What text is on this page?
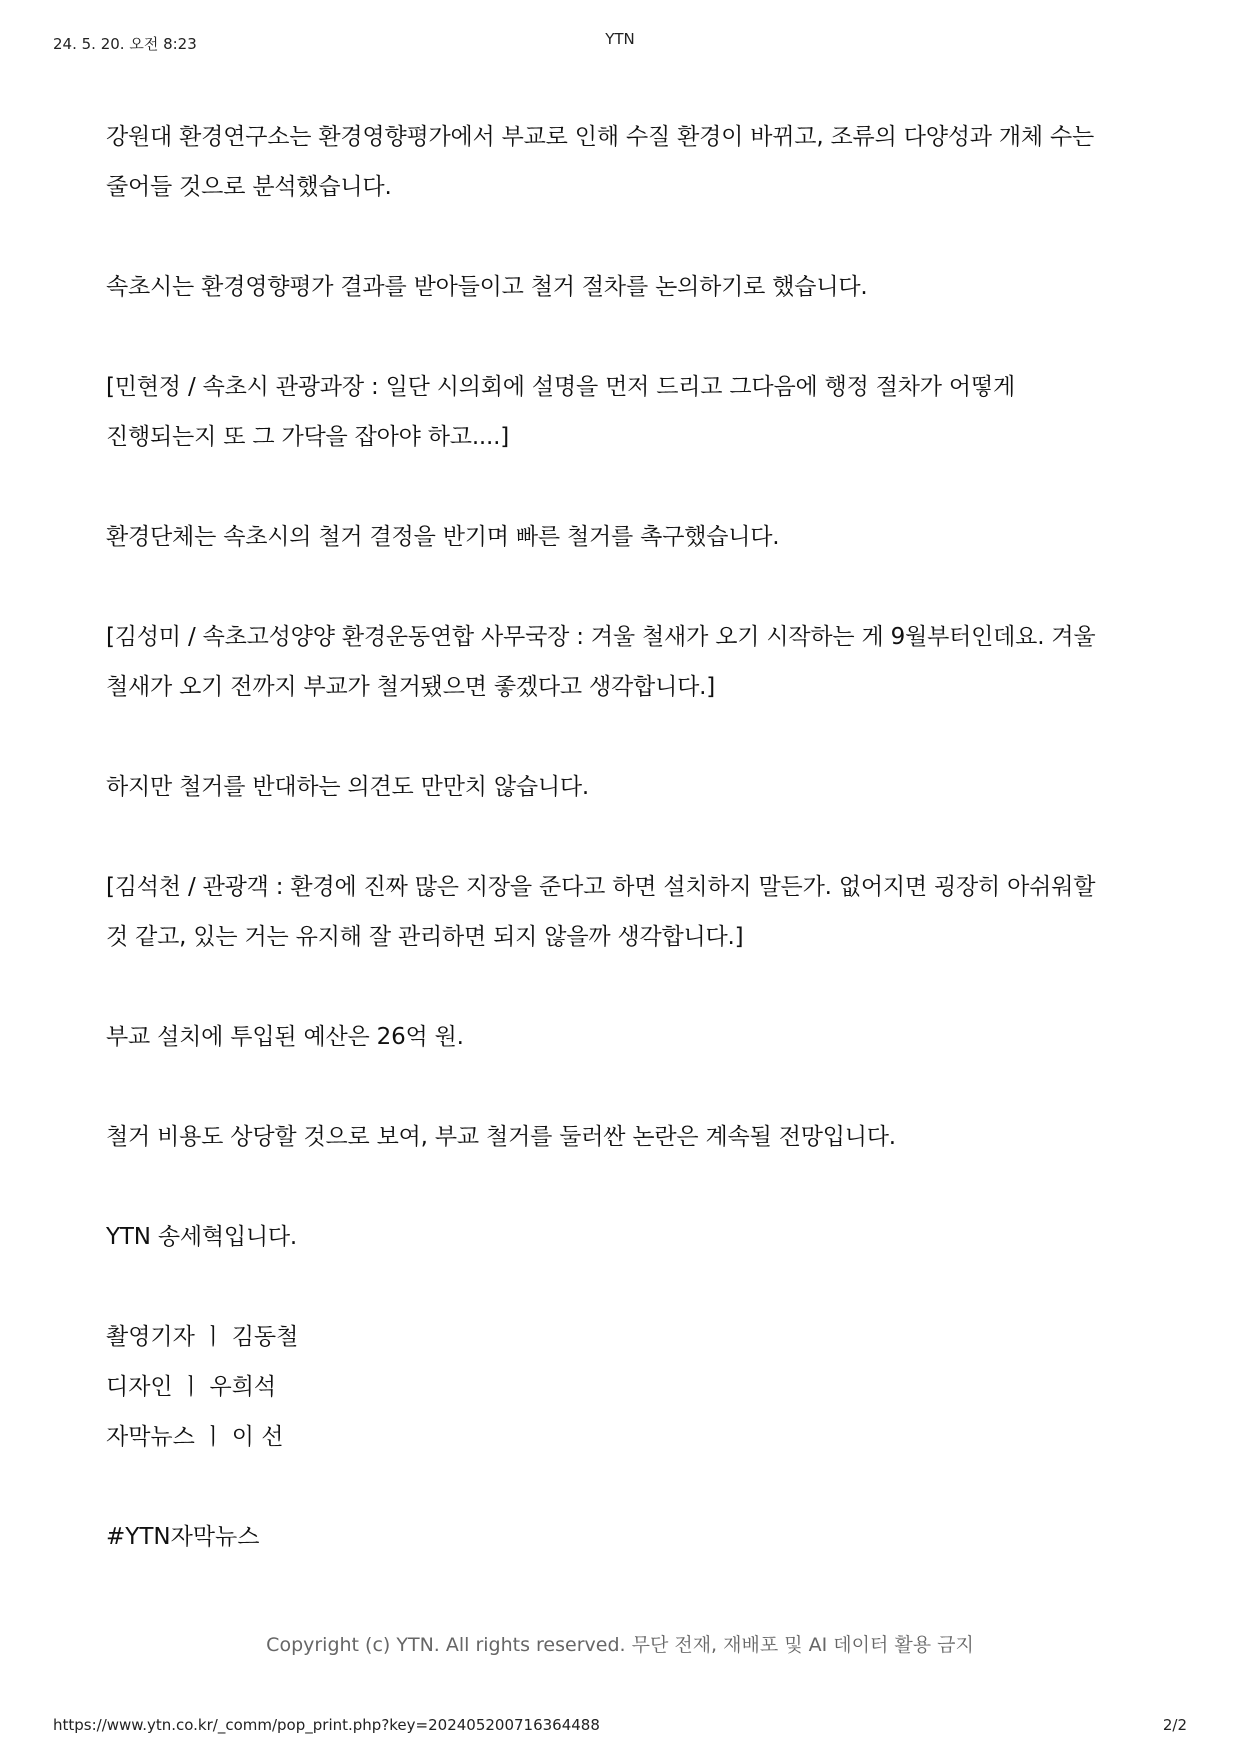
24. 5. 20. 오전 8:23	YTN

강원대 환경연구소는 환경영향평가에서 부교로 인해 수질 환경이 바뀌고, 조류의 다양성과 개체 수는 줄어들 것으로 분석했습니다.

속초시는 환경영향평가 결과를 받아들이고 철거 절차를 논의하기로 했습니다.

[민현정 / 속초시 관광과장 : 일단 시의회에 설명을 먼저 드리고 그다음에 행정 절차가 어떻게 진행되는지 또 그 가닥을 잡아야 하고....]

환경단체는 속초시의 철거 결정을 반기며 빠른 철거를 촉구했습니다.

[김성미 / 속초고성양양 환경운동연합 사무국장 : 겨울 철새가 오기 시작하는 게 9월부터인데요. 겨울 철새가 오기 전까지 부교가 철거됐으면 좋겠다고 생각합니다.]

하지만 철거를 반대하는 의견도 만만치 않습니다.

[김석천 / 관광객 : 환경에 진짜 많은 지장을 준다고 하면 설치하지 말든가. 없어지면 굉장히 아쉬워할 것 같고, 있는 거는 유지해 잘 관리하면 되지 않을까 생각합니다.]

부교 설치에 투입된 예산은 26억 원.

철거 비용도 상당할 것으로 보여, 부교 철거를 둘러싼 논란은 계속될 전망입니다.

YTN 송세혁입니다.

촬영기자 ㅣ 김동철

디자인 ㅣ 우희석

자막뉴스 ㅣ 이 선

#YTN자막뉴스

Copyright (c) YTN. All rights reserved. 무단 전재, 재배포 및 AI 데이터 활용 금지
https://www.ytn.co.kr/_comm/pop_print.php?key=202405200716364488	2/2
